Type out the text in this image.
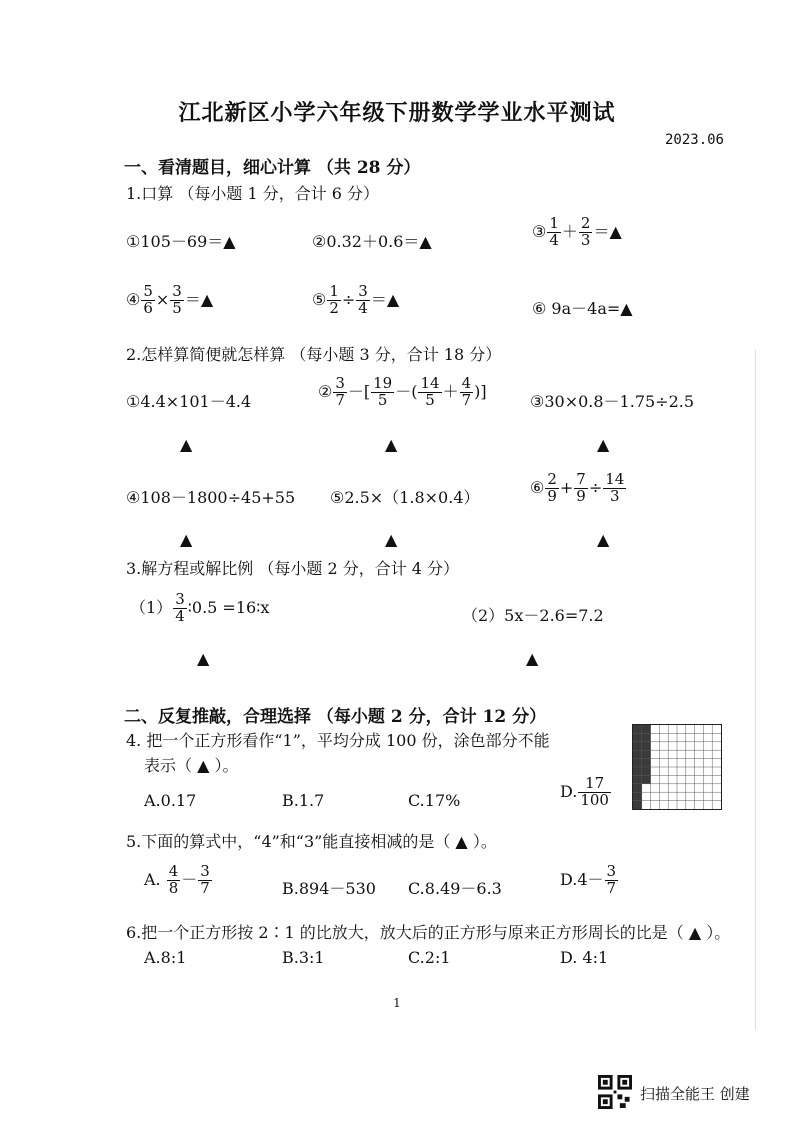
江北新区小学六年级下册数学学业水平测试
2023.06
一、看清题目，细心计算 （共 28 分）
1.口算 （每小题 1 分，合计 6 分）
①105－69＝▲	②0.32＋0.6＝▲
③ $\frac{1}{4} + \frac{2}{3}$ ＝▲
④ $\frac{5}{6} \times \frac{3}{5}$ ＝▲	⑤ $\frac{1}{2} \div \frac{3}{4}$ ＝▲	⑥ 9a－4a=▲
2.怎样算简便就怎样算 （每小题 3 分，合计 18 分）
①4.4×101－4.4
② $\frac{3}{7}$ －[ $\frac{19}{5}$ －( $\frac{14}{5} + \frac{4}{7}$ )]
③30×0.8－1.75÷2.5
▲	▲	▲
④108－1800÷45+55 ⑤2.5×（1.8×0.4）
⑥ $\frac{2}{9} + \frac{7}{9} \div \frac{14}{3}$
▲	▲	▲
3.解方程或解比例 （每小题 2 分，合计 4 分）
$(1) \frac{3}{4}$ ∶0.5 =16∶x	（2）5x－2.6=7.2
▲	▲
二、反复推敲，合理选择 （每小题 2 分，合计 12 分）
4. 把一个正方形看作“1”，平均分成 100 份，涂色部分不能
表示（ ▲ ）。
A.0.17	B.1.7	C.17%	D. $\frac{17}{100}$
5.下面的算式中，“4”和“3”能直接相减的是（ ▲ ）。
A. $\frac{4}{8} - \frac{3}{7}$	B.894－530 C.8.49－6.3	$D.4- \frac{3}{7}$
6.把一个正方形按 2∶1 的比放大，放大后的正方形与原来正方形周长的比是（ ▲ ）。
A.8:1	B.3:1	C.2:1	D. 4:1
1
扫描全能王 创建
